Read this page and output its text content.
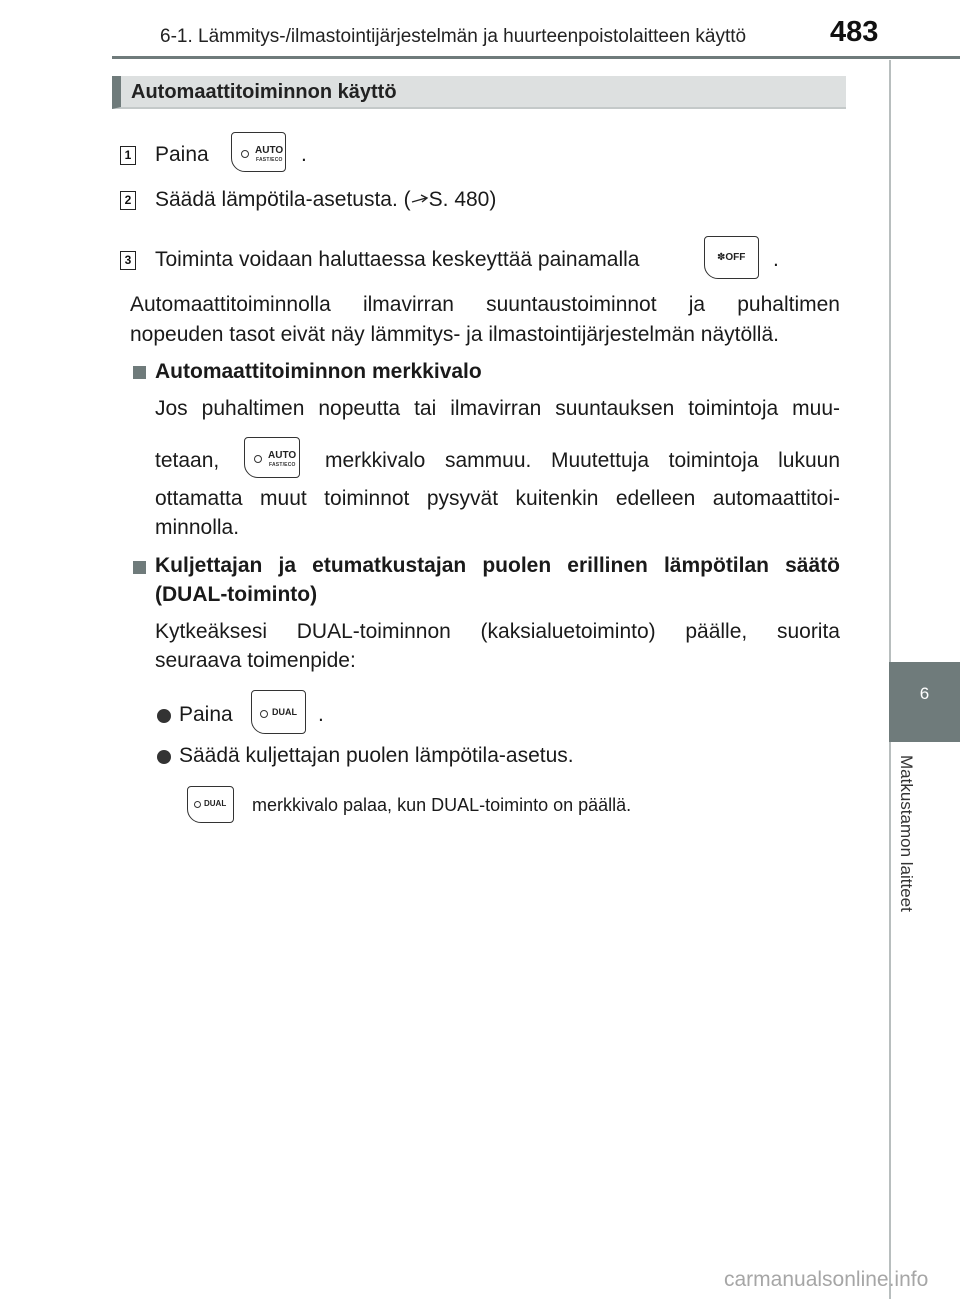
6-1. Lämmitys-/ilmastointijärjestelmän ja huurteenpoistolaitteen käyttö	483
6
Matkustamon laitteet
Automaattitoiminnon käyttö
1 Paina	AUTO
FAST/ECO .
2 Säädä lämpötila-asetusta. ( S. 480)
3 Toiminta voidaan haluttaessa keskeyttää painamalla	✽OFF .
Automaattitoiminnolla ilmavirran suuntaustoiminnot ja puhaltimen
nopeuden tasot eivät näy lämmitys- ja ilmastointijärjestelmän näytöllä.
Automaattitoiminnon merkkivalo
Jos puhaltimen nopeutta tai ilmavirran suuntauksen toimintoja muu-
tetaan,	AUTO
FAST/ECO merkkivalo sammuu. Muutettuja toimintoja lukuun
ottamatta muut toiminnot pysyvät kuitenkin edelleen automaattitoi-
minnolla.
Kuljettajan ja etumatkustajan puolen erillinen lämpötilan säätö
(DUAL-toiminto)
Kytkeäksesi DUAL-toiminnon (kaksialuetoiminto) päälle, suorita
seuraava toimenpide:
Paina	DUAL .
Säädä kuljettajan puolen lämpötila-asetus.
DUAL merkkivalo palaa, kun DUAL-toiminto on päällä.
carmanualsonline.info
